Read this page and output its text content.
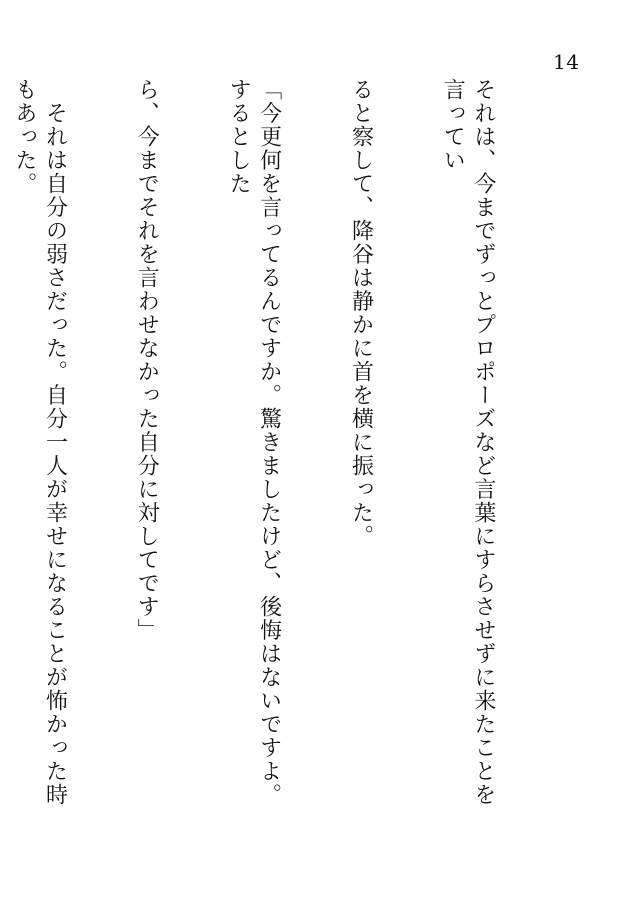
14

それは、今までずっとプロポーズなど言葉にすらさせずに来たことを言ってい

ると察して、降谷は静かに首を横に振った。

「今更何を言ってるんですか。驚きましたけど、後悔はないですよ。するとした

ら、今までそれを言わせなかった自分に対してです」

　それは自分の弱さだった。自分一人が幸せになることが怖かった時もあった。
